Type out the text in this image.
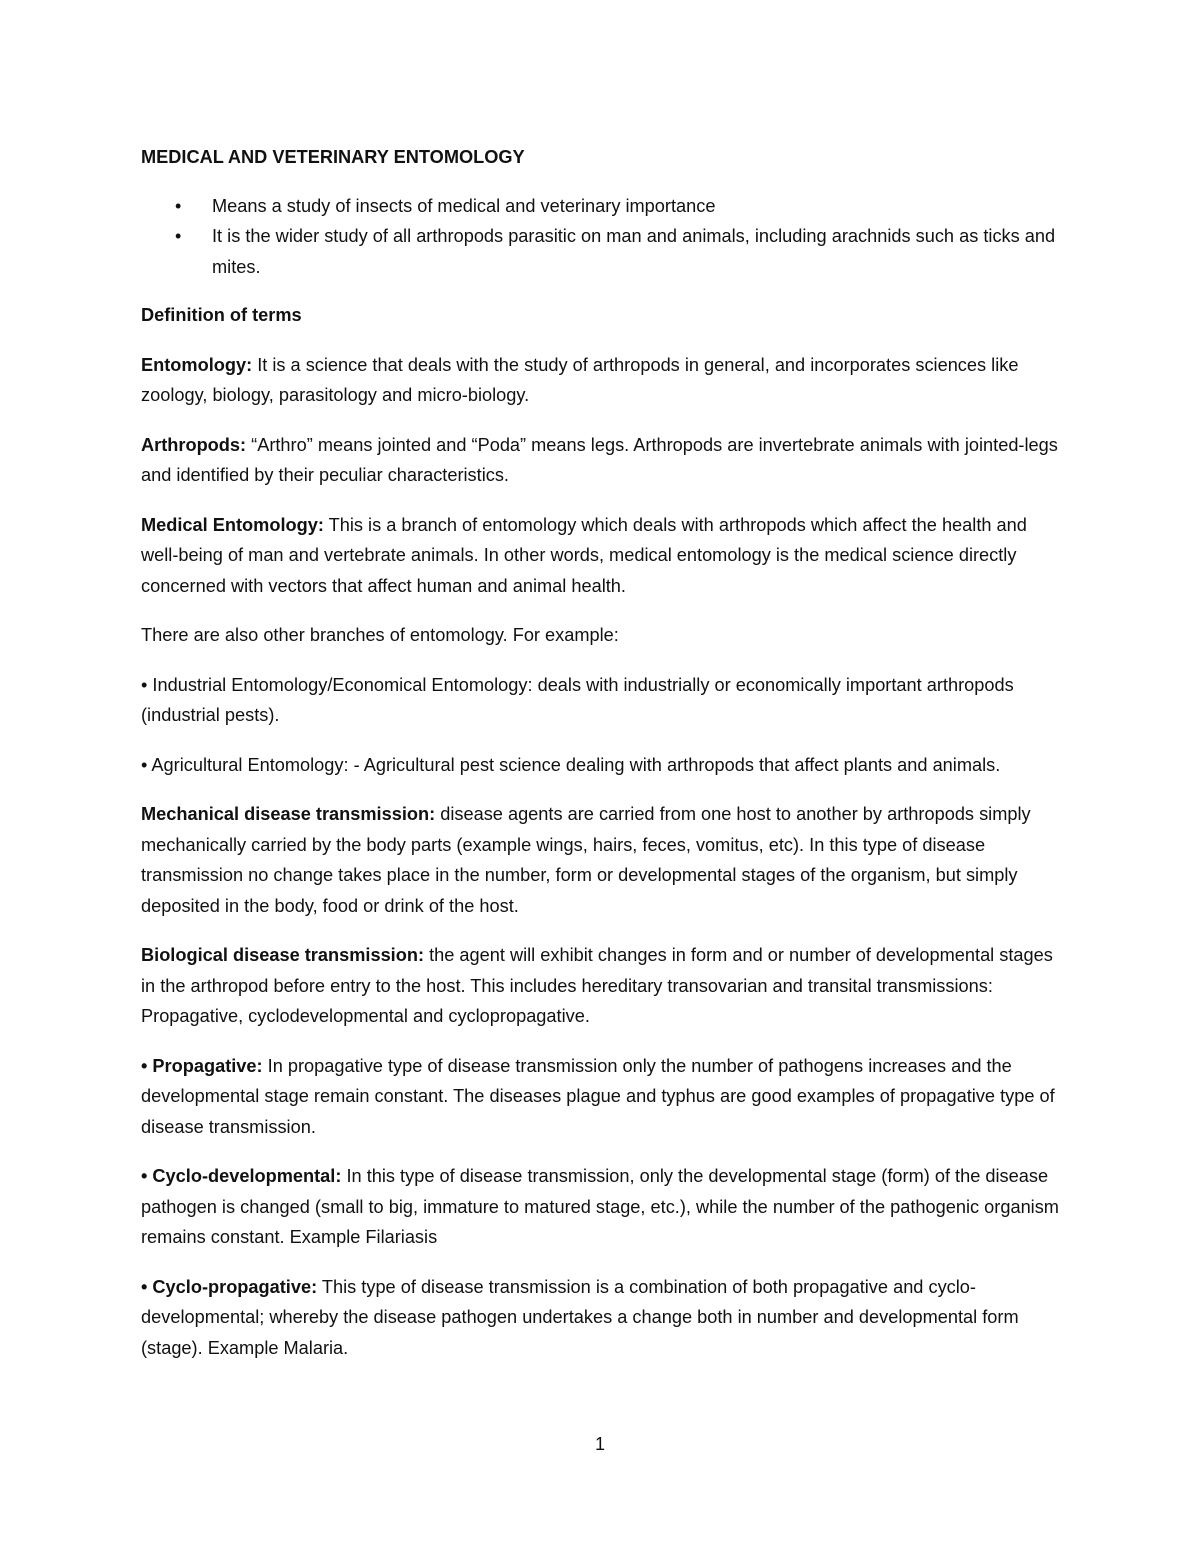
MEDICAL AND VETERINARY ENTOMOLOGY
• Means a study of insects of medical and veterinary importance
• It is the wider study of all arthropods parasitic on man and animals, including arachnids such as ticks and mites.

Definition of terms

Entomology: It is a science that deals with the study of arthropods in general, and incorporates sciences like zoology, biology, parasitology and micro-biology.

Arthropods: “Arthro” means jointed and “Poda” means legs. Arthropods are invertebrate animals with jointed-legs and identified by their peculiar characteristics.

Medical Entomology: This is a branch of entomology which deals with arthropods which affect the health and well-being of man and vertebrate animals. In other words, medical entomology is the medical science directly concerned with vectors that affect human and animal health.

There are also other branches of entomology. For example:

• Industrial Entomology/Economical Entomology: deals with industrially or economically important arthropods (industrial pests).

• Agricultural Entomology: - Agricultural pest science dealing with arthropods that affect plants and animals.

Mechanical disease transmission: disease agents are carried from one host to another by arthropods simply mechanically carried by the body parts (example wings, hairs, feces, vomitus, etc). In this type of disease transmission no change takes place in the number, form or developmental stages of the organism, but simply deposited in the body, food or drink of the host.

Biological disease transmission: the agent will exhibit changes in form and or number of developmental stages in the arthropod before entry to the host. This includes hereditary transovarian and transital transmissions: Propagative, cyclodevelopmental and cyclopropagative.

• Propagative: In propagative type of disease transmission only the number of pathogens increases and the developmental stage remain constant. The diseases plague and typhus are good examples of propagative type of disease transmission.

• Cyclo-developmental: In this type of disease transmission, only the developmental stage (form) of the disease pathogen is changed (small to big, immature to matured stage, etc.), while the number of the pathogenic organism remains constant. Example Filariasis

• Cyclo-propagative: This type of disease transmission is a combination of both propagative and cyclo-developmental; whereby the disease pathogen undertakes a change both in number and developmental form (stage). Example Malaria.

1
